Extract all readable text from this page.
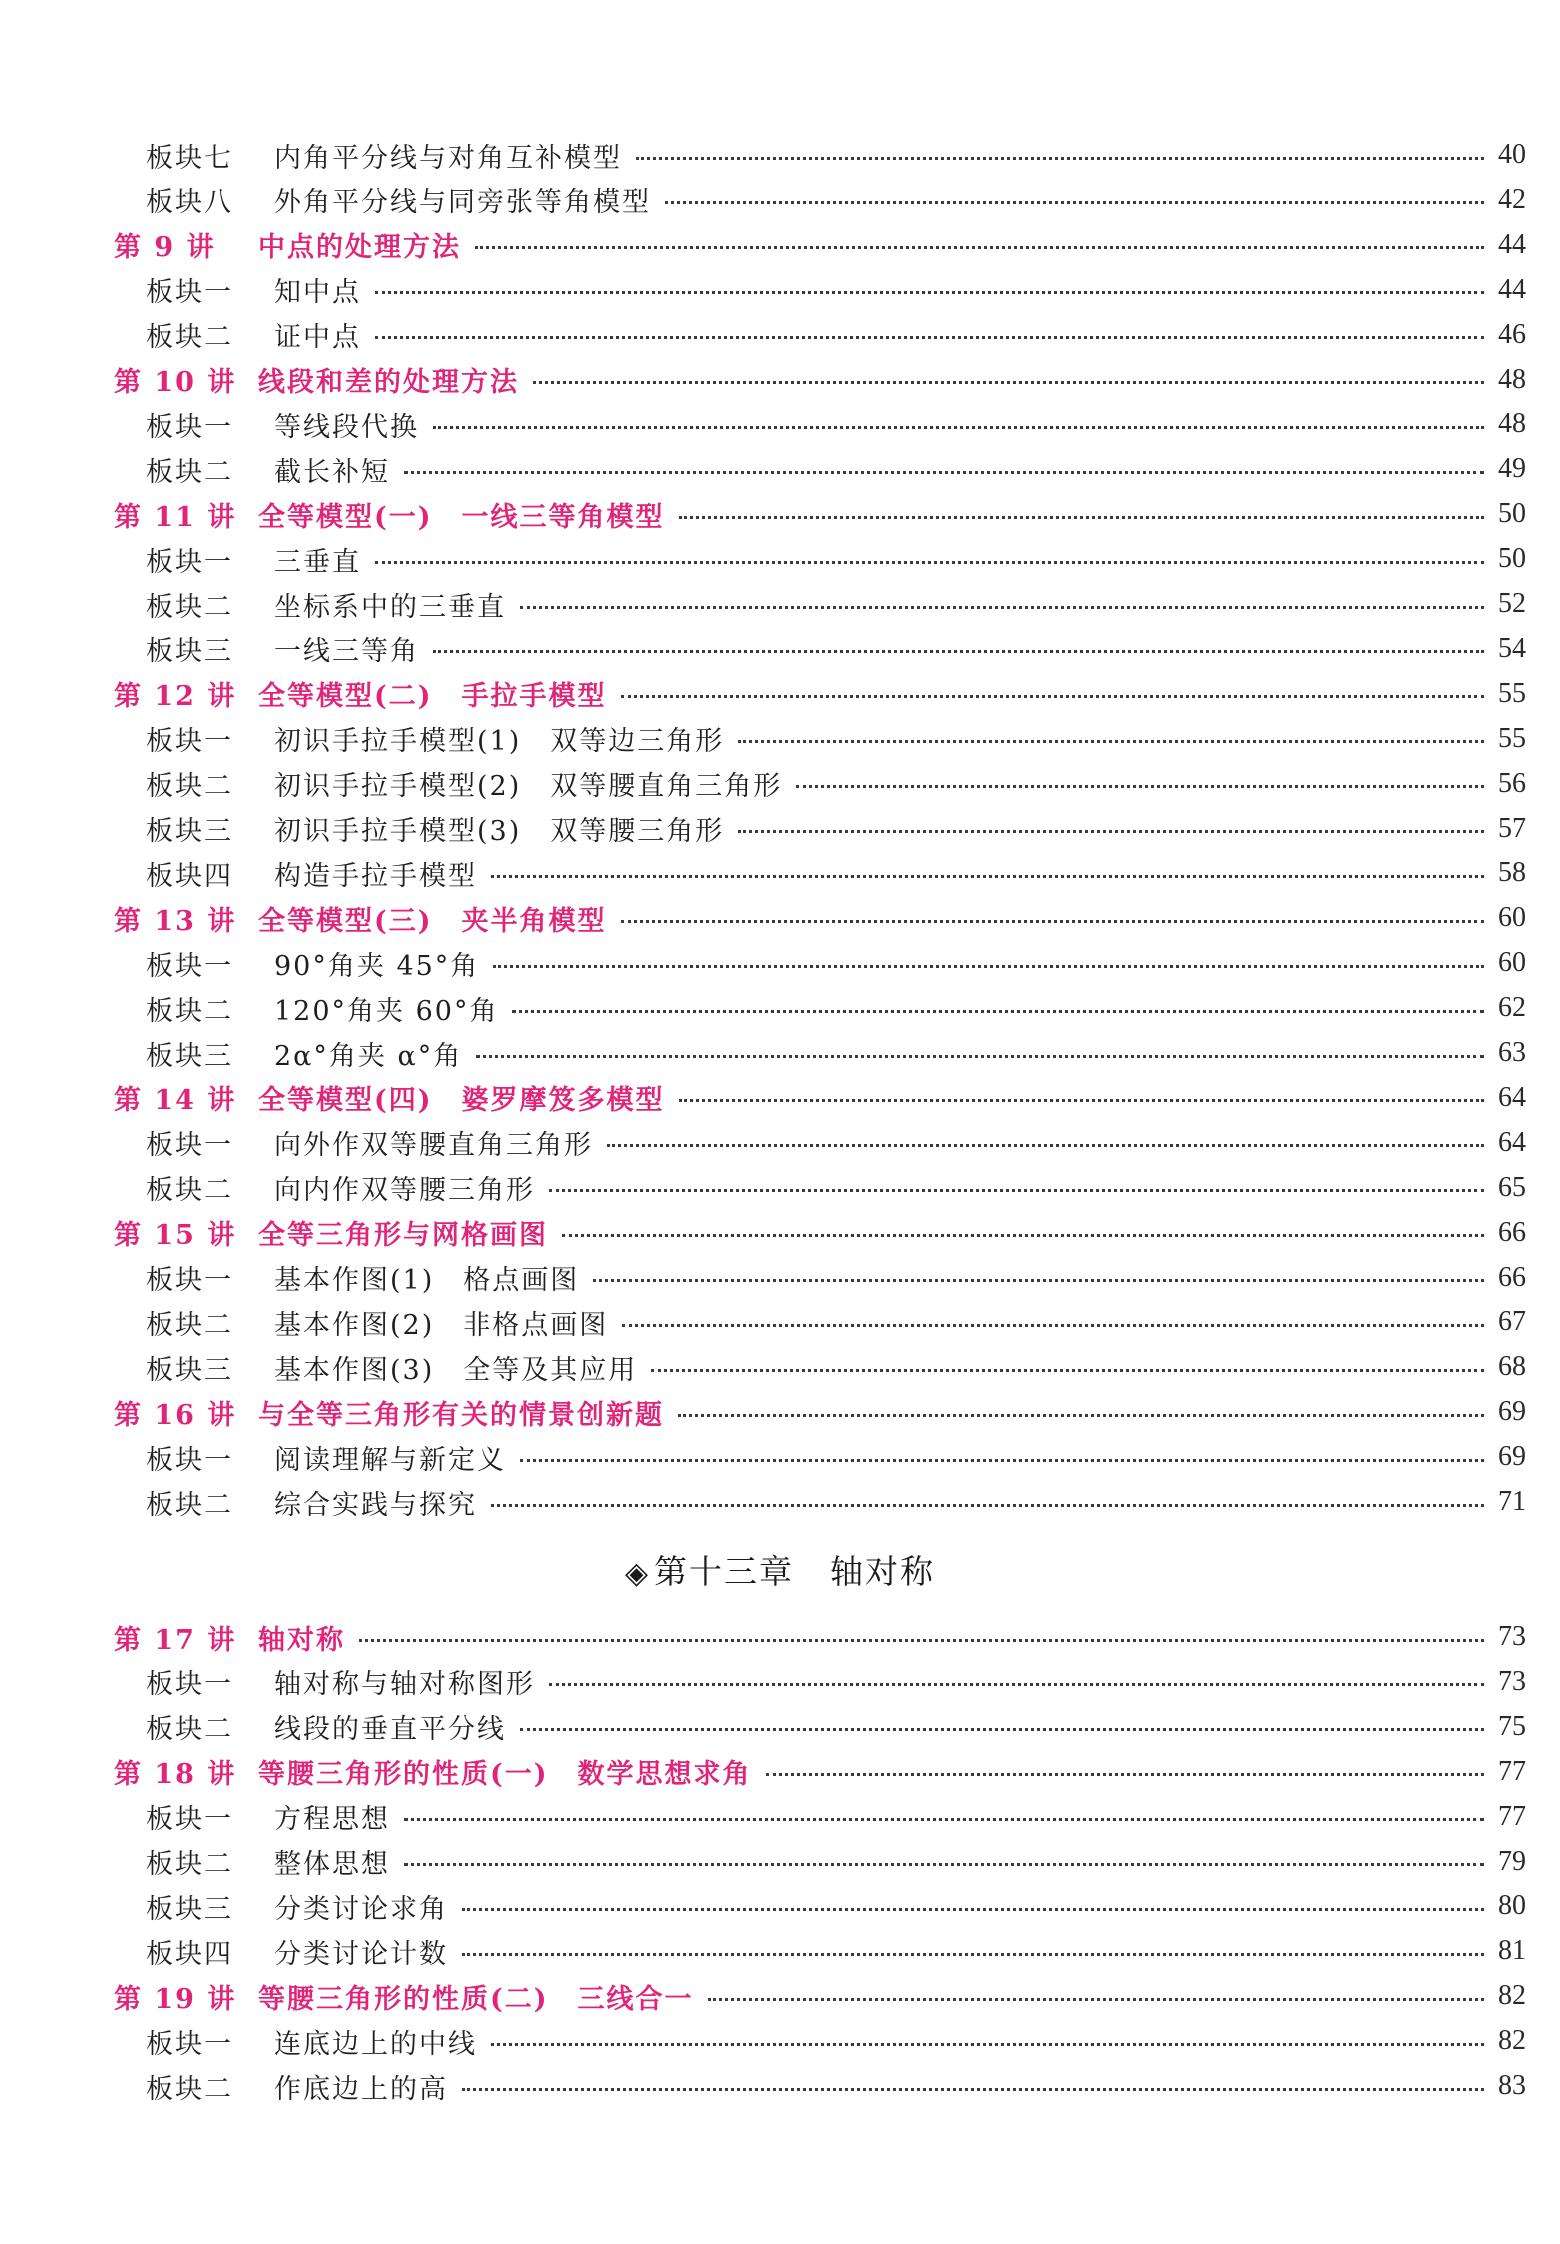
板块七	内角平分线与对角互补模型	40
板块八	外角平分线与同旁张等角模型	42
第 9 讲	中点的处理方法	44
板块一	知中点	44
板块二	证中点	46
第 10 讲 线段和差的处理方法	48
板块一	等线段代换	48
板块二	截长补短	49
第 11 讲 全等模型(一)　一线三等角模型	50
板块一	三垂直	50
板块二	坐标系中的三垂直	52
板块三	一线三等角	54
第 12 讲 全等模型(二)　手拉手模型	55
板块一	初识手拉手模型(1)　双等边三角形	55
板块二	初识手拉手模型(2)　双等腰直角三角形	56
板块三	初识手拉手模型(3)　双等腰三角形	57
板块四	构造手拉手模型	58
第 13 讲 全等模型(三)　夹半角模型	60
板块一	90°角夹 45°角	60
板块二	120°角夹 60°角	62
板块三	2α°角夹 α°角	63
第 14 讲 全等模型(四)　婆罗摩笈多模型	64
板块一	向外作双等腰直角三角形	64
板块二	向内作双等腰三角形	65
第 15 讲 全等三角形与网格画图	66
板块一	基本作图(1)　格点画图	66
板块二	基本作图(2)　非格点画图	67
板块三	基本作图(3)　全等及其应用	68
第 16 讲 与全等三角形有关的情景创新题	69
板块一	阅读理解与新定义	69
板块二	综合实践与探究	71
◈ 第十三章 轴对称
第 17 讲 轴对称	73
板块一	轴对称与轴对称图形	73
板块二	线段的垂直平分线	75
第 18 讲 等腰三角形的性质(一)　数学思想求角	77
板块一	方程思想	77
板块二	整体思想	79
板块三	分类讨论求角	80
板块四	分类讨论计数	81
第 19 讲 等腰三角形的性质(二)　三线合一	82
板块一	连底边上的中线	82
板块二	作底边上的高	83
